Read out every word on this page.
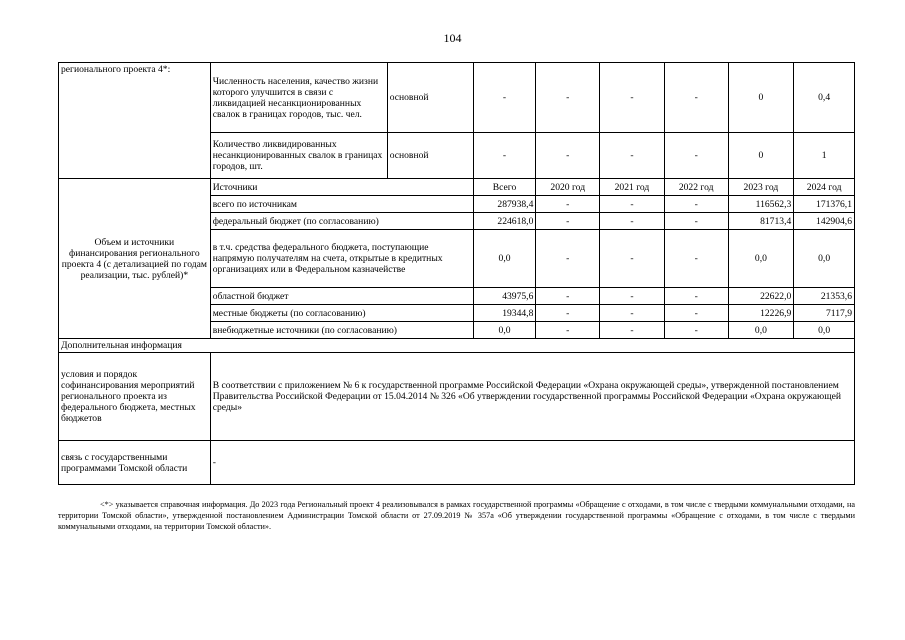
104
регионального проекта 4*:	Численность населения, качество жизни которого улучшится в связи с ликвидацией несанкционированных свалок в границах городов, тыс. чел.	основной	-	-	-	-	0	0,4
	Количество ликвидированных несанкционированных свалок в границах городов, шт.	основной	-	-	-	-	0	1
Объем и источники финансирования регионального проекта 4 (с детализацией по годам реализации, тыс. рублей)*	Источники		Всего	2020 год	2021 год	2022 год	2023 год	2024 год
	всего по источникам		287938,4	-	-	-	116562,3	171376,1
	федеральный бюджет (по согласованию)		224618,0	-	-	-	81713,4	142904,6
	в т.ч. средства федерального бюджета, поступающие напрямую получателям на счета, открытые в кредитных организациях или в Федеральном казначействе		0,0	-	-	-	0,0	0,0
	областной бюджет		43975,6	-	-	-	22622,0	21353,6
	местные бюджеты (по согласованию)		19344,8	-	-	-	12226,9	7117,9
	внебюджетные источники (по согласованию)		0,0	-	-	-	0,0	0,0
Дополнительная информация								
условия и порядок софинансирования мероприятий регионального проекта из федерального бюджета, местных бюджетов	В соответствии с приложением № 6 к государственной программе Российской Федерации «Охрана окружающей среды», утвержденной постановлением Правительства Российской Федерации от 15.04.2014 № 326 «Об утверждении государственной программы Российской Федерации «Охрана окружающей среды»							
связь с государственными программами Томской области	-							
<*> указывается справочная информация. До 2023 года Региональный проект 4 реализовывался в рамках государственной программы «Обращение с отходами, в том числе с твердыми коммунальными отходами, на территории Томской области», утвержденной постановлением Администрации Томской области от 27.09.2019 № 357а «Об утверждении государственной программы «Обращение с отходами, в том числе с твердыми коммунальными отходами, на территории Томской области».
